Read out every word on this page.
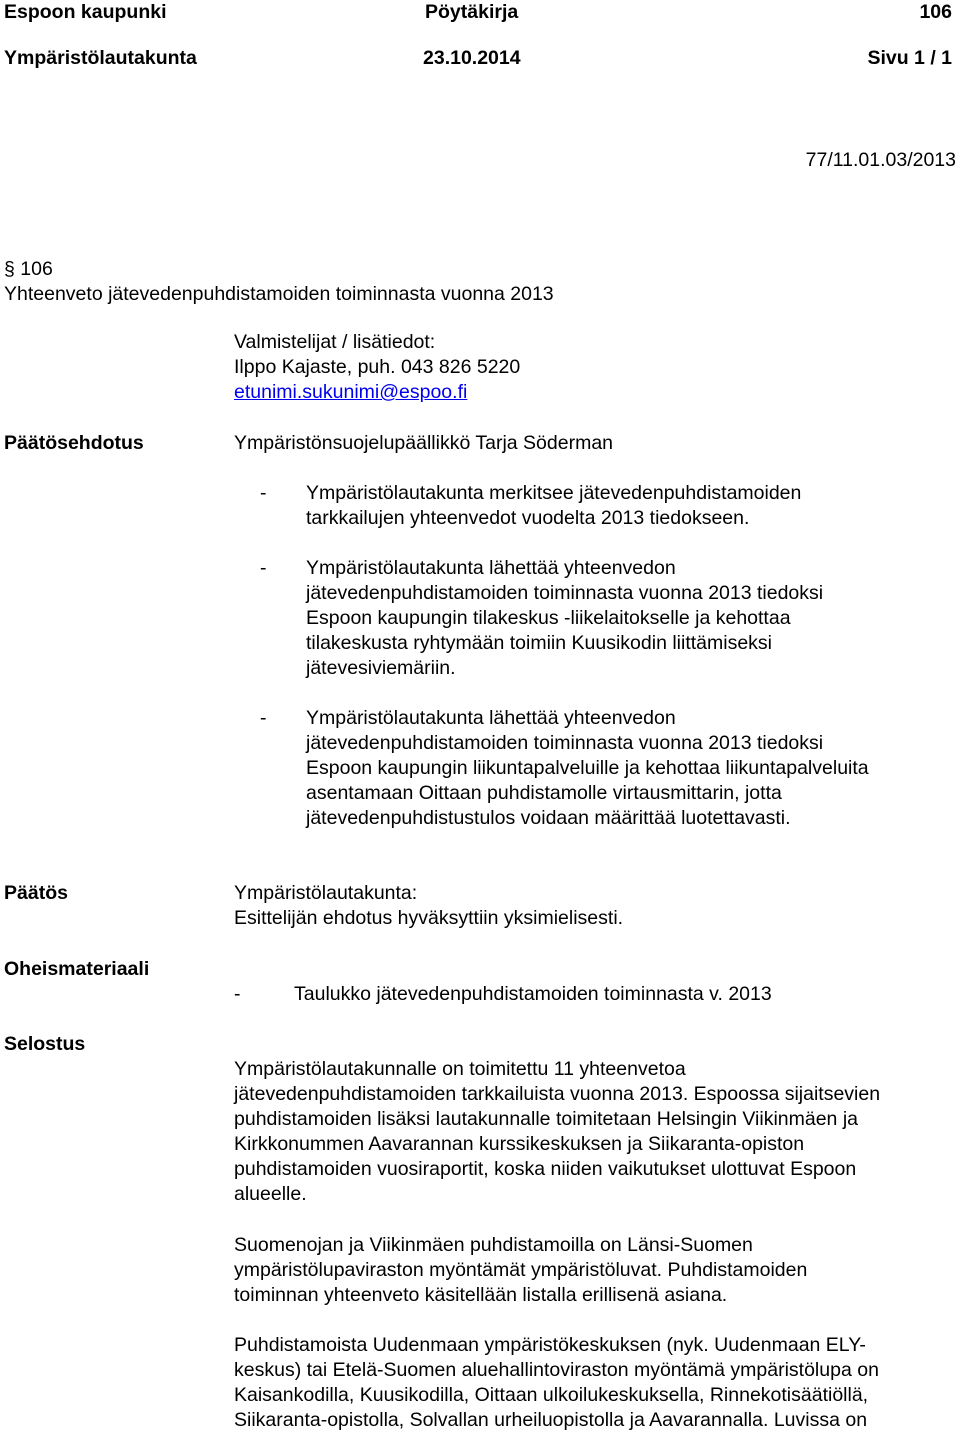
Espoon kaupunki	Pöytäkirja	106
Ympäristölautakunta	23.10.2014	Sivu 1 / 1
77/11.01.03/2013
§ 106
Yhteenveto jätevedenpuhdistamoiden toiminnasta vuonna 2013
Valmistelijat / lisätiedot:
Ilppo Kajaste, puh. 043 826 5220
etunimi.sukunimi@espoo.fi
Päätösehdotus	Ympäristönsuojelupäällikkö Tarja Söderman
- Ympäristölautakunta merkitsee jätevedenpuhdistamoiden
tarkkailujen yhteenvedot vuodelta 2013 tiedokseen.
- Ympäristölautakunta lähettää yhteenvedon
jätevedenpuhdistamoiden toiminnasta vuonna 2013 tiedoksi
Espoon kaupungin tilakeskus -liikelaitokselle ja kehottaa
tilakeskusta ryhtymään toimiin Kuusikodin liittämiseksi
jätevesiviemäriin.
- Ympäristölautakunta lähettää yhteenvedon
jätevedenpuhdistamoiden toiminnasta vuonna 2013 tiedoksi
Espoon kaupungin liikuntapalveluille ja kehottaa liikuntapalveluita
asentamaan Oittaan puhdistamolle virtausmittarin, jotta
jätevedenpuhdistustulos voidaan määrittää luotettavasti.
Päätös	Ympäristölautakunta:
Esittelijän ehdotus hyväksyttiin yksimielisesti.
Oheismateriaali
-	Taulukko jätevedenpuhdistamoiden toiminnasta v. 2013
Selostus
Ympäristölautakunnalle on toimitettu 11 yhteenvetoa
jätevedenpuhdistamoiden tarkkailuista vuonna 2013. Espoossa sijaitsevien
puhdistamoiden lisäksi lautakunnalle toimitetaan Helsingin Viikinmäen ja
Kirkkonummen Aavarannan kurssikeskuksen ja Siikaranta-opiston
puhdistamoiden vuosiraportit, koska niiden vaikutukset ulottuvat Espoon
alueelle.
Suomenojan ja Viikinmäen puhdistamoilla on Länsi-Suomen
ympäristölupaviraston myöntämät ympäristöluvat. Puhdistamoiden
toiminnan yhteenveto käsitellään listalla erillisenä asiana.
Puhdistamoista Uudenmaan ympäristökeskuksen (nyk. Uudenmaan ELY-
keskus) tai Etelä-Suomen aluehallintoviraston myöntämä ympäristölupa on
Kaisankodilla, Kuusikodilla, Oittaan ulkoilukeskuksella, Rinnekotisäätiöllä,
Siikaranta-opistolla, Solvallan urheiluopistolla ja Aavarannalla. Luvissa on
